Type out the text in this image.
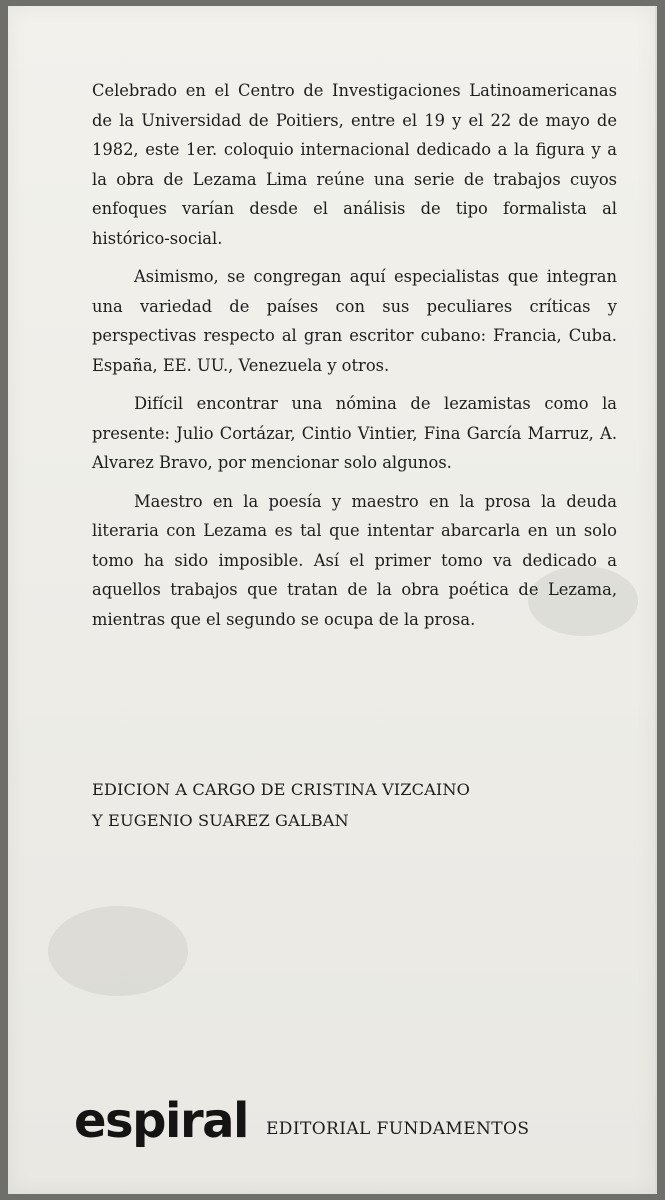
Celebrado en el Centro de Investigaciones Latinoamericanas de la Universidad de Poitiers, entre el 19 y el 22 de mayo de 1982, este 1er. coloquio internacional dedicado a la figura y a la obra de Lezama Lima reúne una serie de trabajos cuyos enfoques varían desde el análisis de tipo formalista al histórico-social.

Asimismo, se congregan aquí especialistas que integran una variedad de países con sus peculiares críticas y perspectivas respecto al gran escritor cubano: Francia, Cuba. España, EE. UU., Venezuela y otros.

Difícil encontrar una nómina de lezamistas como la presente: Julio Cortázar, Cintio Vintier, Fina García Marruz, A. Alvarez Bravo, por mencionar solo algunos.

Maestro en la poesía y maestro en la prosa la deuda literaria con Lezama es tal que intentar abarcarla en un solo tomo ha sido imposible. Así el primer tomo va dedicado a aquellos trabajos que tratan de la obra poética de Lezama, mientras que el segundo se ocupa de la prosa.

EDICION A CARGO DE CRISTINA VIZCAINO
Y EUGENIO SUAREZ GALBAN
espiral EDITORIAL FUNDAMENTOS
